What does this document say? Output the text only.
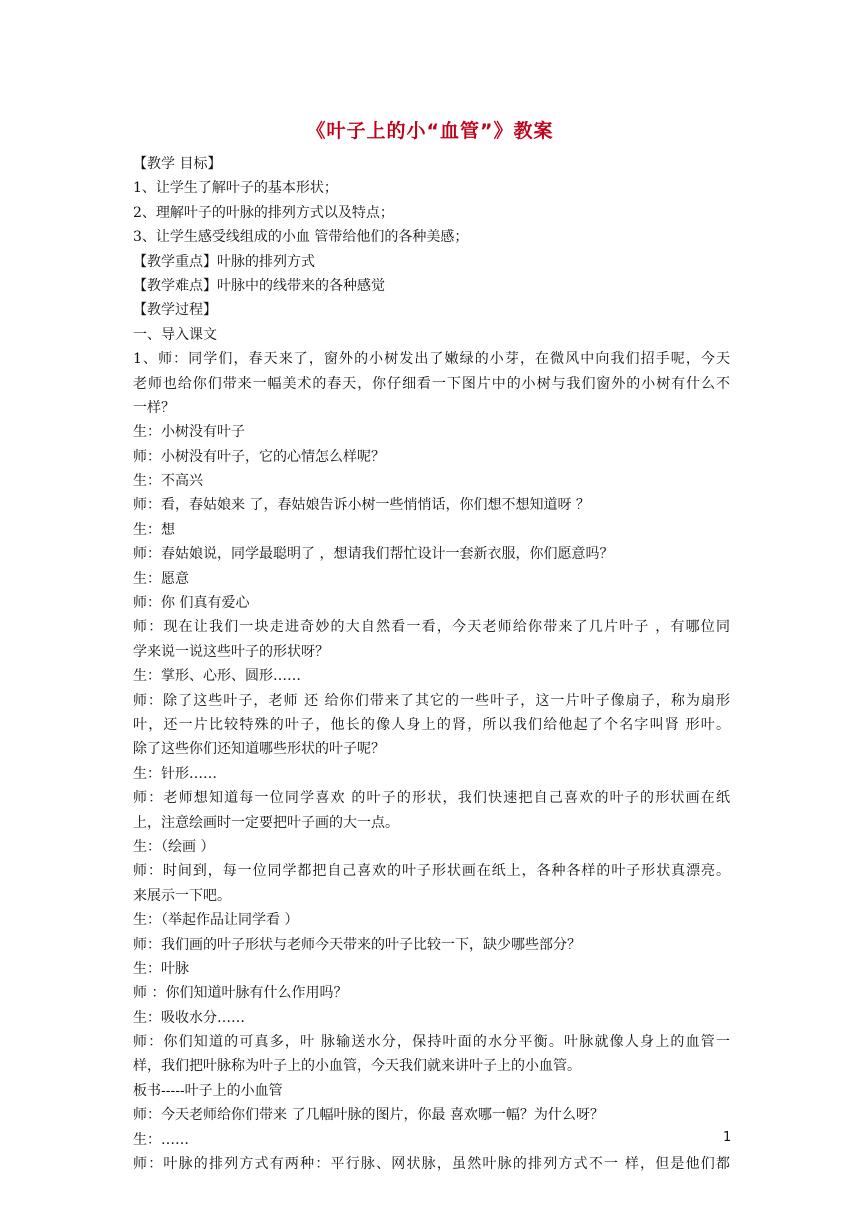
《叶子上的小“血管”》教案
【教学 目标】
1、让学生了解叶子的基本形状；
2、理解叶子的叶脉的排列方式以及特点；
3、让学生感受线组成的小血 管带给他们的各种美感；
【教学重点】叶脉的排列方式
【教学难点】叶脉中的线带来的各种感觉
【教学过程】
一、导入课文
1、师：同学们，春天来了，窗外的小树发出了嫩绿的小芽，在微风中向我们招手呢，今天
老师也给你们带来一幅美术的春天，你仔细看一下图片中的小树与我们窗外的小树有什么不
一样？
生：小树没有叶子
师：小树没有叶子，它的心情怎么样呢？
生：不高兴
师：看，春姑娘来 了，春姑娘告诉小树一些悄悄话，你们想不想知道呀 ？
生：想
师：春姑娘说，同学最聪明了 ，想请我们帮忙设计一套新衣服，你们愿意吗？
生：愿意
师：你 们真有爱心
师：现在让我们一块走进奇妙的大自然看一看，今天老师给你带来了几片叶子 ，有哪位同
学来说一说这些叶子的形状呀？
生：掌形、心形、圆形……
师：除了这些叶子，老师 还 给你们带来了其它的一些叶子，这一片叶子像扇子，称为扇形
叶，还一片比较特殊的叶子，他长的像人身上的肾，所以我们给他起了个名字叫肾 形叶。
除了这些你们还知道哪些形状的叶子呢？
生：针形……
师：老师想知道每一位同学喜欢 的叶子的形状，我们快速把自己喜欢的叶子的形状画在纸
上，注意绘画时一定要把叶子画的大一点。
生：（绘画 ）
师：时间到，每一位同学都把自己喜欢的叶子形状画在纸上，各种各样的叶子形状真漂亮。
来展示一下吧。
生：（举起作品让同学看 ）
师：我们画的叶子形状与老师今天带来的叶子比较一下，缺少哪些部分？
生：叶脉
师 ：你们知道叶脉有什么作用吗？
生：吸收水分……
师：你们知道的可真多，叶 脉输送水分，保持叶面的水分平衡。叶脉就像人身上的血管一
样，我们把叶脉称为叶子上的小血管，今天我们就来讲叶子上的小血管。
板书-----叶子上的小血管
师：今天老师给你们带来 了几幅叶脉的图片，你最 喜欢哪一幅？为什么呀？
生：……
师：叶脉的排列方式有两种：平行脉、网状脉，虽然叶脉的排列方式不一 样，但是他们都
1
